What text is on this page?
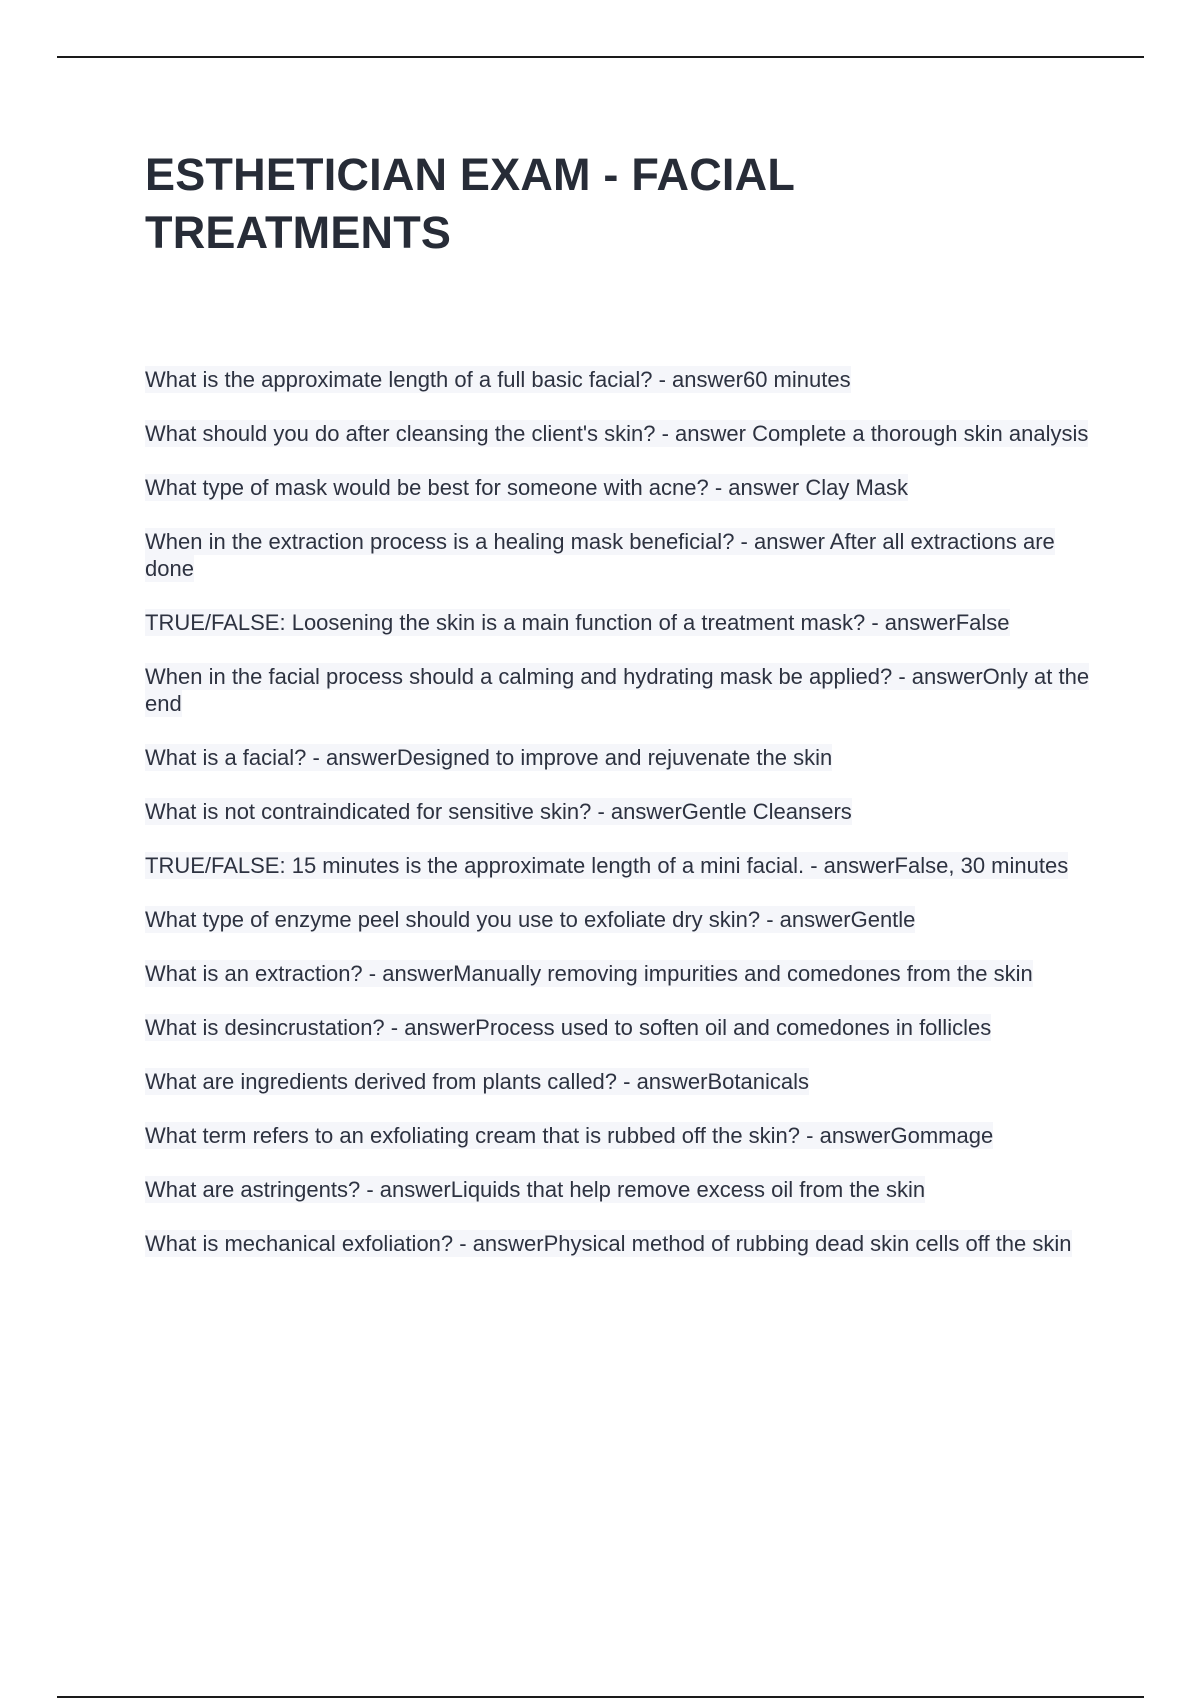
ESTHETICIAN EXAM - FACIAL TREATMENTS
What is the approximate length of a full basic facial? - answer60 minutes
What should you do after cleansing the client's skin? - answer Complete a thorough skin analysis
What type of mask would be best for someone with acne? - answer Clay Mask
When in the extraction process is a healing mask beneficial? - answer After all extractions are done
TRUE/FALSE: Loosening the skin is a main function of a treatment mask? - answerFalse
When in the facial process should a calming and hydrating mask be applied? - answerOnly at the end
What is a facial? - answerDesigned to improve and rejuvenate the skin
What is not contraindicated for sensitive skin? - answerGentle Cleansers
TRUE/FALSE: 15 minutes is the approximate length of a mini facial. - answerFalse, 30 minutes
What type of enzyme peel should you use to exfoliate dry skin? - answerGentle
What is an extraction? - answerManually removing impurities and comedones from the skin
What is desincrustation? - answerProcess used to soften oil and comedones in follicles
What are ingredients derived from plants called? - answerBotanicals
What term refers to an exfoliating cream that is rubbed off the skin? - answerGommage
What are astringents? - answerLiquids that help remove excess oil from the skin
What is mechanical exfoliation? - answerPhysical method of rubbing dead skin cells off the skin
